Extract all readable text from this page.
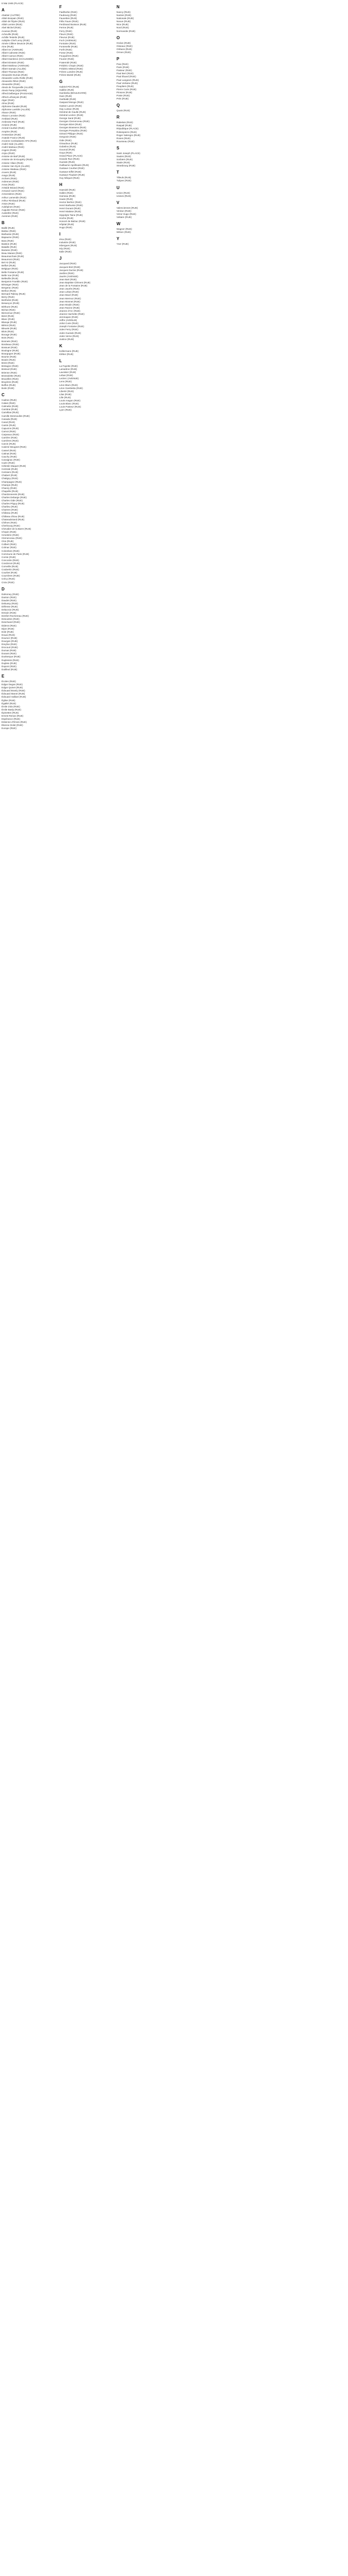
8 Mai 1945 (PLACE)
A
Abattoir (AUTRE)
Abbé Bonpain (RUE)
Abbé de l'Épée (RUE)
Abbé Lemire (RUE)
Abel Michel (RUE)
Acacias (RUE)
Acheville (RUE)
Achille Testelin (RUE)
Adolphe Chef Leroy (RUE)
Aimée Cillène Deuscie (RUE)
Aine (RUE)
Albert Ier (AVENUE)
Albert Calmette (RUE)
Albert Camus (RUE)
Albert Dambron (CHAUSSÉE)
Albert Einstein (RUE)
Albert Mahieux (AVENUE)
Albert Samain (ALLÉE)
Albert Thomas (RUE)
Alexandre Dumas (RUE)
Alexandre Ledru Rollin (RUE)
Alexandre Ribot (RUE)
Alexandrie (RUE)
Alexis de Tocqueville (ALLÉE)
Alexis Pamp (SQUARE)
Alfred Delbergue (PASSAGE)
Alfred Lefrançois (RUE)
Alger (RUE)
Alma (RUE)
Alphonse Daudet (RUE)
Alphonse Lamblin (ALLÉE)
Alsace (RUE)
Alsace Lorraine (RUE)
Amblard (RUE)
Ambroise Paré (RUE)
Amiens (RUE)
Amiral Courbet (RUE)
Ampère (RUE)
Amsterdam (RUE)
Anatole France (RUE)
Anciens Combattants AFN (RUE)
André Gide (ALLÉE)
André Malraux (RUE)
Angers (RUE)
Anjou (RUE)
Antoine de Baïf (RUE)
Antoine de St-Exupéry (RUE)
Antoine Vilain (RUE)
Antoine Van Dyck (ALLÉE)
Antoine Watteau (RUE)
Anvers (RUE)
Arago (RUE)
Archers (RUE)
Ardennes (RUE)
Arras (RUE)
Aristide Briand (RUE)
Armand Carrel (RUE)
Armentières (RUE)
Arthur Lamendin (RUE)
Arthur Rimbaud (RUE)
Artois (RUE)
Aubépines (RUE)
Auguste Renoir (RUE)
Austerlitz (RUE)
Avesnes (RUE)
B
Baillé (RUE)
Balzac (RUE)
Barbusse (RUE)
Bapaume (RUE)
Bara (RUE)
Bastion (RUE)
Bataille (RUE)
Bazaine (RUE)
Beau Marais (RUE)
Beaumarchais (RUE)
Beaumont (RUE)
Bel Air (RUE)
Belfort (RUE)
Belgique (RUE)
Belle Fontaine (RUE)
Belle Vue (RUE)
Belleville (RUE)
Benjamin Franklin (RUE)
Béranger (RUE)
Bergerac (RUE)
Berlioz (RUE)
Bernard Palissy (RUE)
Berry (RUE)
Berthelot (RUE)
Besançon (RUE)
Béthune (RUE)
Bichat (RUE)
Bienvenue (RUE)
Bizet (RUE)
Blanc (RUE)
Blanqui (RUE)
Blériot (RUE)
Bleuets (RUE)
Blois (RUE)
Bocage (RUE)
Bois (RUE)
Bonnets (RUE)
Bordeaux (RUE)
Bossuet (RUE)
Boulogne (RUE)
Bourgogne (RUE)
Bourse (RUE)
Boutin (RUE)
Brest (RUE)
Bretagne (RUE)
Breteuil (RUE)
Brienne (RUE)
Brossolette (RUE)
Bruxelles (RUE)
Bruyères (RUE)
Buffon (RUE)
Butin (RUE)
C
Cadran (RUE)
Calais (RUE)
Calmette (RUE)
Cambrai (RUE)
Camélias (RUE)
Camille Desmoulins (RUE)
Canada (RUE)
Canal (RUE)
Cantin (RUE)
Capucins (RUE)
Carnot (RUE)
Carpeaux (RUE)
Carrière (RUE)
Carrières (RUE)
Carvin (RUE)
Casimir Beugnet (RUE)
Cassel (RUE)
Catinat (RUE)
Cauchy (RUE)
Cavaignac (RUE)
Cazin (RUE)
Célestin Maquet (RUE)
Centrale (RUE)
Cerisiers (RUE)
Chabert (RUE)
Chaligny (RUE)
Champagne (RUE)
Champs (RUE)
Chanzy (RUE)
Chapelle (RUE)
Chardonnerets (RUE)
Charles Debarge (RUE)
Charles Gide (RUE)
Charles Péguy (RUE)
Charlieu (RUE)
Chartres (RUE)
Château (RUE)
Château d'Eau (RUE)
Chateaubriand (RUE)
Chênes (RUE)
Cherbourg (RUE)
Chevalier de la Barre (RUE)
Chopin (RUE)
Cimetière (RUE)
Clemenceau (RUE)
Clos (RUE)
Colbert (RUE)
Colmar (RUE)
Colombes (RUE)
Commune de Paris (RUE)
Comte (RUE)
Concorde (RUE)
Condorcet (RUE)
Corneille (RUE)
Coubertin (RUE)
Courbet (RUE)
Courrières (RUE)
Crécy (RUE)
Croix (RUE)
D
Dahomey (RUE)
Danton (RUE)
Daudet (RUE)
Debussy (RUE)
Défense (RUE)
Delacroix (RUE)
Denain (RUE)
Denfert Rochereau (RUE)
Descartes (RUE)
Deschanel (RUE)
Diderot (RUE)
Dijon (RUE)
Dole (RUE)
Douai (RUE)
Doumer (RUE)
Dourges (RUE)
Dreyfus (RUE)
Drocourt (RUE)
Dumas (RUE)
Dunant (RUE)
Dunkerque (RUE)
Duplessis (RUE)
Dupleix (RUE)
Dupont (RUE)
Dutilleul (RUE)
E
Écoles (RUE)
Edgar Degas (RUE)
Edgar Quinet (RUE)
Édouard Branly (RUE)
Édouard Manet (RUE)
Édouard Vaillant (RUE)
Église (RUE)
Égalité (RUE)
Émile Zola (RUE)
Émile Basly (RUE)
Épinettes (RUE)
Ernest Renan (RUE)
Espérance (RUE)
Estienne d'Orves (RUE)
Étienne Dolet (RUE)
Europe (RUE)
F
Faidherbe (RUE)
Faubourg (RUE)
Fauvettes (RUE)
Félix Faure (RUE)
Ferdinand Buisson (RUE)
Ferme (RUE)
Ferry (RUE)
Fleurs (RUE)
Fleurus (RUE)
Foch (AVENUE)
Fontaine (RUE)
Fontenelle (RUE)
Forêt (RUE)
Fosse (RUE)
Fouquières (RUE)
Fourier (RUE)
Fraternité (RUE)
Frédéric Chopin (RUE)
Frédéric Mistral (RUE)
Frères Lumière (RUE)
Frères Martel (RUE)
G
Gabriel Péri (RUE)
Galilée (RUE)
Gambetta (BOULEVARD)
Gare (RUE)
Garibaldi (RUE)
Gaspard Monge (RUE)
Gaston Lanvin (RUE)
Gay Lussac (RUE)
Général de Gaulle (RUE)
Général Leclerc (RUE)
George Sand (RUE)
Georges Clemenceau (RUE)
Georges Bizet (RUE)
Georges Brassens (RUE)
Georges Pompidou (RUE)
Gérard Philippe (RUE)
Gergovie (RUE)
Gide (RUE)
Giraudoux (RUE)
Gobelins (RUE)
Gounod (RUE)
Goya (RUE)
Grand Place (PLACE)
Grande Rue (RUE)
Guesde (RUE)
Guillaume Apollinaire (RUE)
Gustave Courbet (RUE)
Gustave Eiffel (RUE)
Gustave Flaubert (RUE)
Guy Môquet (RUE)
H
Haendel (RUE)
Halles (RUE)
Hameau (RUE)
Haute (RUE)
Hector Berlioz (RUE)
Henri Barbusse (RUE)
Henri Dunant (RUE)
Henri Matisse (RUE)
Hippolyte Taine (RUE)
Hoche (RUE)
Honoré de Balzac (RUE)
Hôpital (RUE)
Hugo (RUE)
I
Iéna (RUE)
Industrie (RUE)
Isbergues (RUE)
Isly (RUE)
Italie (RUE)
J
Jacquard (RUE)
Jacques Brel (RUE)
Jacques Duclos (RUE)
Jardins (RUE)
Jaurès (AVENUE)
Jean Bart (RUE)
Jean Baptiste Clément (RUE)
Jean de la Fontaine (RUE)
Jean Jaurès (RUE)
Jean Lebas (RUE)
Jean Macé (RUE)
Jean Mermoz (RUE)
Jean Monnet (RUE)
Jean Moulin (RUE)
Jean Racine (RUE)
Jeanne d'Arc (RUE)
Jeanne Hachette (RUE)
Jemmapes (RUE)
Joffre (AVENUE)
Joliot Curie (RUE)
Joseph Fontaine (RUE)
Jules Ferry (RUE)
Jules Guesde (RUE)
Jules Verne (RUE)
Justice (RUE)
K
Kellermann (RUE)
Kléber (RUE)
L
La Fayette (RUE)
Lamartine (RUE)
Lavoisier (RUE)
Lebas (RUE)
Leclerc (AVENUE)
Lens (RUE)
Léon Blum (RUE)
Léon Gambetta (RUE)
Liberté (RUE)
Lilas (RUE)
Lille (RUE)
Louis Aragon (RUE)
Louis Blanc (RUE)
Louis Pasteur (RUE)
Lyon (RUE)
N
Nancy (RUE)
Nantes (RUE)
Nationale (RUE)
Neuve (RUE)
Nice (RUE)
Nord (RUE)
Normandie (RUE)
O
Océan (RUE)
Oiseaux (RUE)
Orléans (RUE)
Ormes (RUE)
P
Paix (RUE)
Paris (RUE)
Pasteur (RUE)
Paul Bert (RUE)
Paul Éluard (RUE)
Paul Langevin (RUE)
Paul Verlaine (RUE)
Peupliers (RUE)
Pierre Curie (RUE)
Pinsons (RUE)
Poste (RUE)
Prés (RUE)
Q
Quais (RUE)
R
Rabelais (RUE)
Raspail (RUE)
République (PLACE)
Robespierre (RUE)
Roger Salengro (RUE)
Roses (RUE)
Rousseau (RUE)
S
Saint Joseph (PLACE)
Saules (RUE)
Sorbiers (RUE)
Stade (RUE)
Strasbourg (RUE)
T
Tilleuls (RUE)
Tulipes (RUE)
U
Union (RUE)
Usines (RUE)
V
Valenciennes (RUE)
Verdun (RUE)
Victor Hugo (RUE)
Voltaire (RUE)
W
Wagner (RUE)
Wilson (RUE)
Y
Yser (RUE)
